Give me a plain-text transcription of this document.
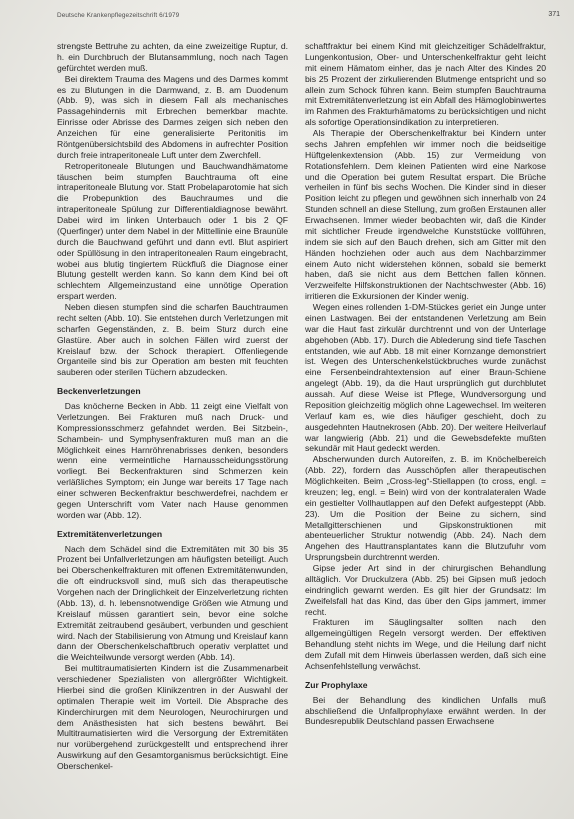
Deutsche Krankenpflegezeitschrift 6/1979	371

strengste Bettruhe zu achten, da eine zweizeitige Ruptur, d. h. ein Durchbruch der Blutansammlung, noch nach Tagen gefürchtet werden muß.

Bei direktem Trauma des Magens und des Darmes kommt es zu Blutungen in die Darmwand, z. B. am Duodenum (Abb. 9), was sich in diesem Fall als mechanisches Passagehindernis mit Erbrechen bemerkbar machte. Einrisse oder Abrisse des Darmes zeigen sich neben den Anzeichen für eine generalisierte Peritonitis im Röntgenübersichtsbild des Abdomens in aufrechter Position durch freie intraperitoneale Luft unter dem Zwerchfell.

Retroperitoneale Blutungen und Bauchwandhämatome täuschen beim stumpfen Bauchtrauma oft eine intraperitoneale Blutung vor. Statt Probelaparotomie hat sich die Probepunktion des Bauchraumes und die intraperitoneale Spülung zur Differentialdiagnose bewährt. Dabei wird im linken Unterbauch oder 1 bis 2 QF (Querfinger) unter dem Nabel in der Mittellinie eine Braunüle durch die Bauchwand geführt und dann evtl. Blut aspiriert oder Spüllösung in den intraperitonealen Raum eingebracht, wobei aus blutig tingiertem Rückfluß die Diagnose einer Blutung gestellt werden kann. So kann dem Kind bei oft schlechtem Allgemeinzustand eine unnötige Operation erspart werden.

Neben diesen stumpfen sind die scharfen Bauchtraumen recht selten (Abb. 10). Sie entstehen durch Verletzungen mit scharfen Gegenständen, z. B. beim Sturz durch eine Glastüre. Aber auch in solchen Fällen wird zuerst der Kreislauf bzw. der Schock therapiert. Offenliegende Organteile sind bis zur Operation am besten mit feuchten sauberen oder sterilen Tüchern abzudecken.

Beckenverletzungen

Das knöcherne Becken in Abb. 11 zeigt eine Vielfalt von Verletzungen. Bei Frakturen muß nach Druck- und Kompressionsschmerz gefahndet werden. Bei Sitzbein-, Schambein- und Symphysenfrakturen muß man an die Möglichkeit eines Harnröhrenabrisses denken, besonders wenn eine vermeintliche Harnausscheidungsstörung vorliegt. Bei Beckenfrakturen sind Schmerzen kein verläßliches Symptom; ein Junge war bereits 17 Tage nach einer schweren Beckenfraktur beschwerdefrei, nachdem er gegen Unterschrift vom Vater nach Hause genommen worden war (Abb. 12).

Extremitätenverletzungen

Nach dem Schädel sind die Extremitäten mit 30 bis 35 Prozent bei Unfallverletzungen am häufigsten beteiligt. Auch bei Oberschenkelfrakturen mit offenen Extremitätenwunden, die oft eindrucksvoll sind, muß sich das therapeutische Vorgehen nach der Dringlichkeit der Einzelverletzung richten (Abb. 13), d. h. lebensnotwendige Größen wie Atmung und Kreislauf müssen garantiert sein, bevor eine solche Extremität zeitraubend gesäubert, verbunden und geschient wird. Nach der Stabilisierung von Atmung und Kreislauf kann dann der Oberschenkelschaftbruch operativ verplattet und die Weichteilwunde versorgt werden (Abb. 14).

Bei multitraumatisierten Kindern ist die Zusammenarbeit verschiedener Spezialisten von allergrößter Wichtigkeit. Hierbei sind die großen Klinikzentren in der Auswahl der optimalen Therapie weit im Vorteil. Die Absprache des Kinderchirurgen mit dem Neurologen, Neurochirurgen und dem Anästhesisten hat sich bestens bewährt. Bei Multitraumatisierten wird die Versorgung der Extremitäten nur vorübergehend zurückgestellt und entsprechend ihrer Auswirkung auf den Gesamtorganismus berücksichtigt. Eine Oberschenkel-

schaftfraktur bei einem Kind mit gleichzeitiger Schädelfraktur, Lungenkontusion, Ober- und Unterschenkelfraktur geht leicht mit einem Hämatom einher, das je nach Alter des Kindes 20 bis 25 Prozent der zirkulierenden Blutmenge entspricht und so allein zum Schock führen kann. Beim stumpfen Bauchtrauma mit Extremitätenverletzung ist ein Abfall des Hämoglobinwertes im Rahmen des Frakturhämatoms zu berücksichtigen und nicht als sofortige Operationsindikation zu interpretieren.

Als Therapie der Oberschenkelfraktur bei Kindern unter sechs Jahren empfehlen wir immer noch die beidseitige Hüftgelenkextension (Abb. 15) zur Vermeidung von Rotationsfehlern. Dem kleinen Patienten wird eine Narkose und die Operation bei gutem Resultat erspart. Die Brüche verheilen in fünf bis sechs Wochen. Die Kinder sind in dieser Position leicht zu pflegen und gewöhnen sich innerhalb von 24 Stunden schnell an diese Stellung, zum großen Erstaunen aller Erwachsenen. Immer wieder beobachten wir, daß die Kinder mit sichtlicher Freude irgendwelche Kunststücke vollführen, indem sie sich auf den Bauch drehen, sich am Gitter mit den Händen hochziehen oder auch aus dem Nachbarzimmer einem Auto nicht widerstehen können, sobald sie bemerkt haben, daß sie nicht aus dem Bettchen fallen können. Verzweifelte Hilfskonstruktionen der Nachtschwester (Abb. 16) irritieren die Exkursionen der Kinder wenig.

Wegen eines rollenden 1-DM-Stückes geriet ein Junge unter einen Lastwagen. Bei der entstandenen Verletzung am Bein war die Haut fast zirkulär durchtrennt und von der Unterlage abgehoben (Abb. 17). Durch die Ablederung sind tiefe Taschen entstanden, wie auf Abb. 18 mit einer Kornzange demonstriert ist. Wegen des Unterschenkelstückbruches wurde zunächst eine Fersenbeindrahtextension auf einer Braun-Schiene angelegt (Abb. 19), da die Haut ursprünglich gut durchblutet aussah. Auf diese Weise ist Pflege, Wundversorgung und Reposition gleichzeitig möglich ohne Lagewechsel. Im weiteren Verlauf kam es, wie dies häufiger geschieht, doch zu ausgedehnten Hautnekrosen (Abb. 20). Der weitere Heilverlauf war langwierig (Abb. 21) und die Gewebsdefekte mußten sekundär mit Haut gedeckt werden.

Abscherwunden durch Autoreifen, z. B. im Knöchelbereich (Abb. 22), fordern das Ausschöpfen aller therapeutischen Möglichkeiten. Beim „Cross-leg“-Stiellappen (to cross, engl. = kreuzen; leg, engl. = Bein) wird von der kontralateralen Wade ein gestielter Vollhautlappen auf den Defekt aufgesteppt (Abb. 23). Um die Position der Beine zu sichern, sind Metallgitterschienen und Gipskonstruktionen mit abenteuerlicher Struktur notwendig (Abb. 24). Nach dem Angehen des Hauttransplantates kann die Blutzufuhr vom Ursprungsbein durchtrennt werden.

Gipse jeder Art sind in der chirurgischen Behandlung alltäglich. Vor Druckulzera (Abb. 25) bei Gipsen muß jedoch eindringlich gewarnt werden. Es gilt hier der Grundsatz: Im Zweifelsfall hat das Kind, das über den Gips jammert, immer recht.

Frakturen im Säuglingsalter sollten nach den allgemeingültigen Regeln versorgt werden. Der effektiven Behandlung steht nichts im Wege, und die Heilung darf nicht dem Zufall mit dem Hinweis überlassen werden, daß sich eine Achsenfehlstellung verwächst.

Zur Prophylaxe

Bei der Behandlung des kindlichen Unfalls muß abschließend die Unfallprophylaxe erwähnt werden. In der Bundesrepublik Deutschland passen Erwachsene
